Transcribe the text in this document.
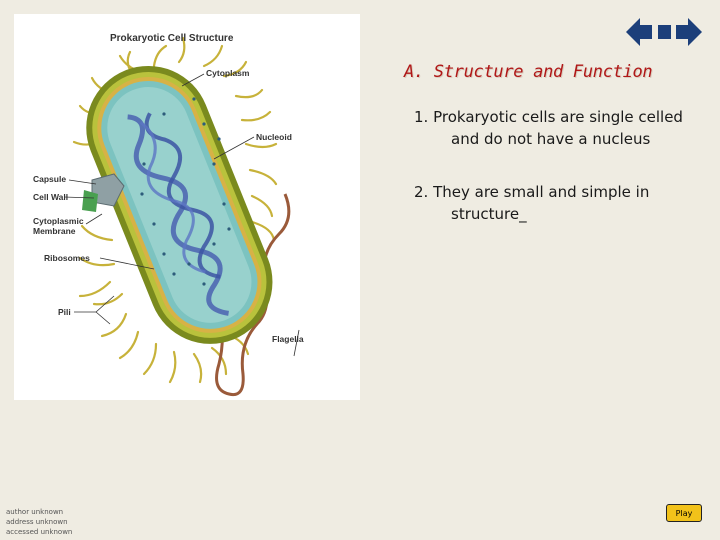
Prokaryotic Cell Structure
Cytoplasm
Nucleoid
Capsule
Cell Wall
Cytoplasmic
Membrane
Ribosomes
Pili
Flagella
A. Structure and Function
1. Prokaryotic cells are single celled and do not have a nucleus
2. They are small and simple in structure_
author unknown
address unknown
accessed unknown
Play
